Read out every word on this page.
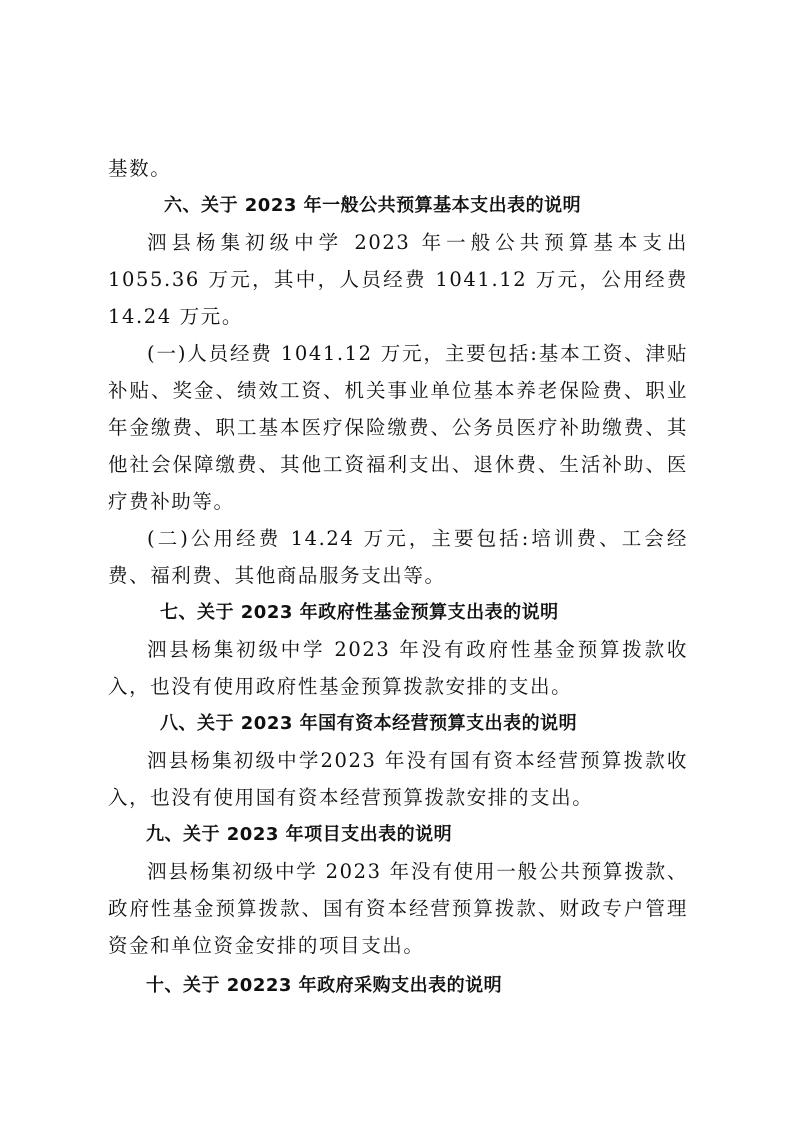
基数。

六、关于 2023 年一般公共预算基本支出表的说明

泗县杨集初级中学 2023 年一般公共预算基本支出 1055.36 万元，其中，人员经费 1041.12 万元，公用经费 14.24 万元。

(一)人员经费 1041.12 万元，主要包括:基本工资、津贴补贴、奖金、绩效工资、机关事业单位基本养老保险费、职业年金缴费、职工基本医疗保险缴费、公务员医疗补助缴费、其他社会保障缴费、其他工资福利支出、退休费、生活补助、医疗费补助等。

(二)公用经费 14.24 万元，主要包括:培训费、工会经费、福利费、其他商品服务支出等。

七、关于 2023 年政府性基金预算支出表的说明

泗县杨集初级中学 2023 年没有政府性基金预算拨款收入，也没有使用政府性基金预算拨款安排的支出。

八、关于 2023 年国有资本经营预算支出表的说明

泗县杨集初级中学2023 年没有国有资本经营预算拨款收入，也没有使用国有资本经营预算拨款安排的支出。

九、关于 2023 年项目支出表的说明

泗县杨集初级中学 2023 年没有使用一般公共预算拨款、政府性基金预算拨款、国有资本经营预算拨款、财政专户管理资金和单位资金安排的项目支出。

十、关于 20223 年政府采购支出表的说明
